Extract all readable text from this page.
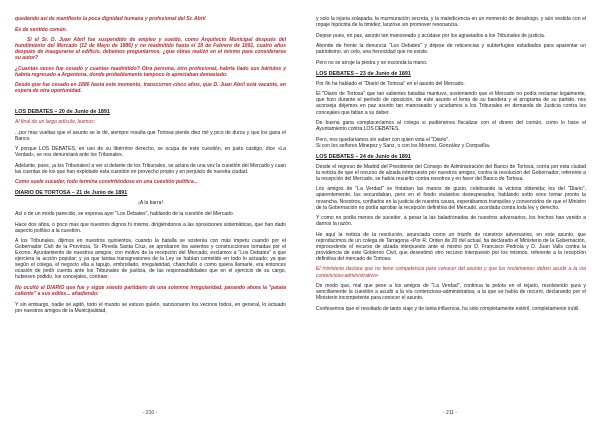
quedando así de manifiesto la poca dignidad humana y profesional del Sr. Abril

Es de sentido común.

Si el Sr. D. Juan Abril fue suspendido de empleo y sueldo, como Arquitecto Municipal después del hundimiento del Mercado (12 de Mayo de 1886) y no readmitido hasta el 18 de Febrero de 1891, cuatro años después de inaugurarse el edificio, debemos preguntarnos, ¿que obras realizó en el mismo para considerarse su autor?

¿Cuantas veces fue cesado y cuantas readmitido? Otra persona, otro profesional, habría liado sus bártulos y habría regresado a Argentona, donde probablemente tampoco le apreciaban demasiado.

Desde que fue cesado en 1886 hasta este momento, transcurren cinco años, que D. Juan Abril está vacante, en espera de otra oportunidad.

LOS DEBATES – 20 de Junio de 1891

Al final de un largo artículo, leemos:

...por mas vueltas que el asunto se le dé, siempre resulta que Tortosa pierde diez mil y pico de duros y que los gana el Banco.

Y porque LOS DEBATES, en uso de su libérrimo derecho, se ocupa de este cuestión, en justo castigo, dice «La Verdad», se nos denunciará ante los Tribunales.

Adelante, pues, ¡a los Tribunales! a ver si delante de los Tribunales, se aclara de una vez la cuestión del Mercado y cuan las cuentas de los que han explotado esta cuestión en provecho propio y en perjuicio de nuestra ciudad.

Como suele suceder, todo termina convirtiéndose en una cuestión política...

DIARIO DE TORTOSA – 21 de Junio de 1891

¡A la barra!

Así o de un modo parecido, se expresa ayer "Los Debates", hablando de la cuestión del Mercado.

Hace dos años, o poco mas que nuestros dignos hi mismo, dirigiéndonos a las oposiciones sistemáticas, que han dado aspecto político a la cuestión.

A los Tribunales, dijimos en nuestros quinientos, cuando la batalla se sostenía con más ímpetu cuando por el Gobernador Civil de la Provincia, Sr. Pineda Santa Cruz, se aprobaron los asientos y construcciones tomadas por el Excmo. Ayuntamiento de nuestros amigos, con motivo de la recepción del Mercado, exclamos a "Los Debates" a que ejerciera la acción popular; y ya que tantas transgresiones de la Ley se habían cometido en todo lo actuado; ya que según el colega, el negocio ella a tapujo, embrollado, irregularidad, chanchullo o como quiera llamarle, era entonces ocasión de pedir cuenta ante los Tribunales de justicia, de las responsabilidades que en el ejercicio de su cargo, hubiesen podido, los concejales, contraer.

No ocultó el DIARIO que fue y sigue siendo partidario de una solemne irregularidad, pasando ahora la "patata caliente" a sus ediles... añadiendo:

Y sin embargo, nadie se agitó, todo el mundo se estuvo quieto, sancionaron los vecinos todos, en general, lo actuado por nuestros amigos de la Municipalidad,

- 210 -

y solo la injuria solapada, la murmuración secreta, y la maledicencia en un momento de desahogo, y aún vestida con el ropaje hipócrita de la timidez, lanzóse sin promover resonancia.

Dejese pues, en paz, asunto tan manoseado y acúdase por los agraviados a los Tribunales de justicia.

Abonde de frente la denuncia "Los Debates" y déjese de reticencias y subterfugios estudiados para aparentar un patriotismo, un celo, una heroicidad que no existe.

Pero no se arroje la piedra y se esconda la mano.

LOS DEBATES – 23 de Junio de 1891

Por fin ha hablado el "Diario de Tortosa" en el asunto del Mercado.

El "Diario de Tortosa" que tan valientes batallas mantuvo, sosteniendo que el Mercado no podía reclamar legalmente, que hizo durante el período de oposición, de este asunto el lema de su bandera y el programa de su partido, nos aconseja déjemos en paz asunto tan manoseado y acudamos a los Tribunales en demanda de Justicia contra los concejales que faltan a su deber.

De buena gana complaceríamos al colega si pudiéramos fiscalizar con el dinero del común, como lo hace el Ayuntamiento contra LOS DEBATES.

Pero, nos quedaríamos sin saber con quien vota el "Diario".

Si con los señores Minepez y Sanz, o con los Moreno, González y Compañía.

LOS DEBATES – 24 de Junio de 1891

Desde el regreso de Madrid del Presidente del Consejo de Administración del Banco de Tortosa, corría por esta ciudad la noticia de que el recurso de alzada interpuesto por nuestros amigos, contra la resolución del Gobernador, referente a la recepción del Mercado, se había resuelto contra nosotros y en favor del Banco de Tortosa.

Los amigos de "La Verdad" se frotaban las manos de gusto, celebrando la victoria obtenida; los del "Diario", aparentemente, las secundaban, pero en el fondo visáselos desesperados, hablando sotto voce tomar pronto la revancha. Nosotros, confiados en la justicia de nuestra causa, esperábamos tranquilos y convencidos de que el Ministro de la Gobernación no podía aprobar la recepción definitiva del Mercado, acordada contra toda ley y derecho.

Y como no podía menos de suceder, a pesar la las baladronadas de nuestros adversarios, los hechos han venido a darnos la razón.

He aquí la noticia de la resolución, anunciada como un triunfo de nuestros adversarios, en este asunto, que reproducimos de un colega de Tarragona «Por R. Orden de 20 del actual, ha declarado el Ministerio de la Gobernación, improcedente el recurso de alzada interpuesto ante el mismo por D. Francisco Pedrola y D. Juan Valls contra la providencia de este Gobierno Civil, que desestimó otro recurso interpuesto por los mismos, referente a la recepción definitiva del mercado de Tortosa.

El ministerio declara que no tiene competencia para conocer del asunto y que los reclamantes deben acudir a la vía contencioso-administrativo»

De modo que, mal que pese a los amigos de "La Verdad", continua la pelota en el tejado, resolviendo pura y sencillamente la cuestión a acudir a la vía contencioso-administrativa, a la que se había de recurrir, declarando por el Ministerio incompetente para conocer el asunto.

Confesemos que el resultado de tanto viaje y de tanta influencia, ha sido completamente estéril, completamente inútil.

- 211 -
